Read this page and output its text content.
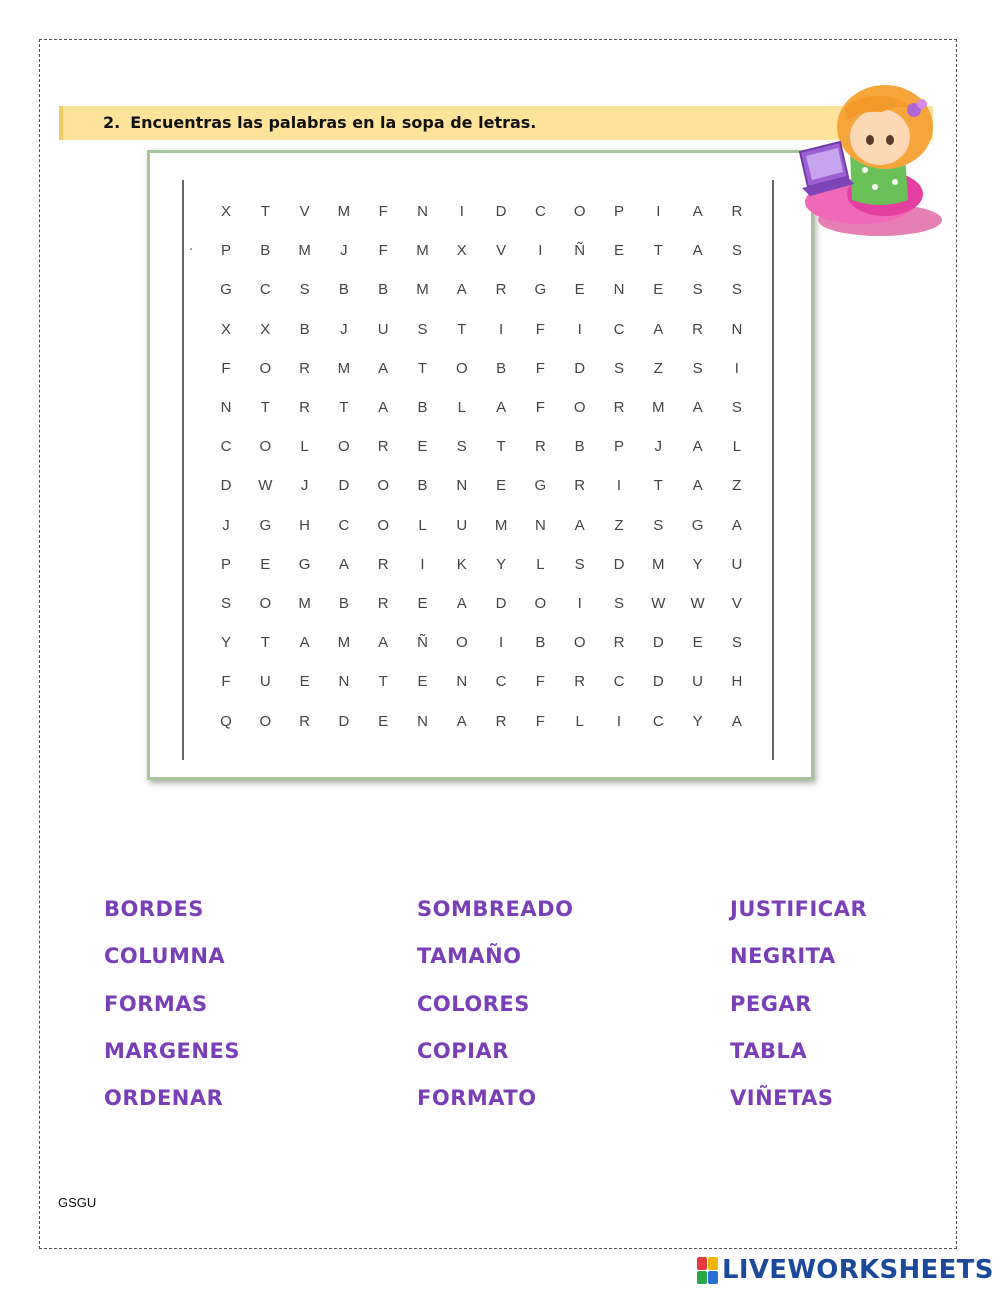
2. Encuentras las palabras en la sopa de letras.
X	T	V	M	F	N	I	D	C	O	P	I	A	R
P	B	M	J	F	M	X	V	I	Ñ	E	T	A	S
G	C	S	B	B	M	A	R	G	E	N	E	S	S
X	X	B	J	U	S	T	I	F	I	C	A	R	N
F	O	R	M	A	T	O	B	F	D	S	Z	S	I
N	T	R	T	A	B	L	A	F	O	R	M	A	S
C	O	L	O	R	E	S	T	R	B	P	J	A	L
D	W	J	D	O	B	N	E	G	R	I	T	A	Z
J	G	H	C	O	L	U	M	N	A	Z	S	G	A
P	E	G	A	R	I	K	Y	L	S	D	M	Y	U
S	O	M	B	R	E	A	D	O	I	S	W	W	V
Y	T	A	M	A	Ñ	O	I	B	O	R	D	E	S
F	U	E	N	T	E	N	C	F	R	C	D	U	H
Q	O	R	D	E	N	A	R	F	L	I	C	Y	A
BORDES
COLUMNA
FORMAS
MARGENES
ORDENAR
SOMBREADO
TAMAÑO
COLORES
COPIAR
FORMATO
JUSTIFICAR
NEGRITA
PEGAR
TABLA
VIÑETAS
GSGU
LIVEWORKSHEETS
